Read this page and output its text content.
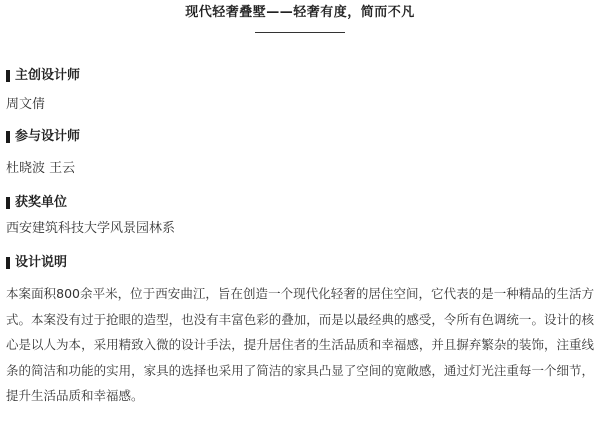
现代轻奢叠墅——轻奢有度，简而不凡
主创设计师
周文倩
参与设计师
杜晓波 王云
获奖单位
西安建筑科技大学风景园林系
设计说明
本案面积800余平米，位于西安曲江，旨在创造一个现代化轻奢的居住空间，它代表的是一种精品的生活方式。本案没有过于抢眼的造型，也没有丰富色彩的叠加，而是以最经典的感受，令所有色调统一。设计的核心是以人为本，采用精致入微的设计手法，提升居住者的生活品质和幸福感，并且摒弃繁杂的装饰，注重线条的简洁和功能的实用，家具的选择也采用了简洁的家具凸显了空间的宽敞感，通过灯光注重每一个细节，提升生活品质和幸福感。
